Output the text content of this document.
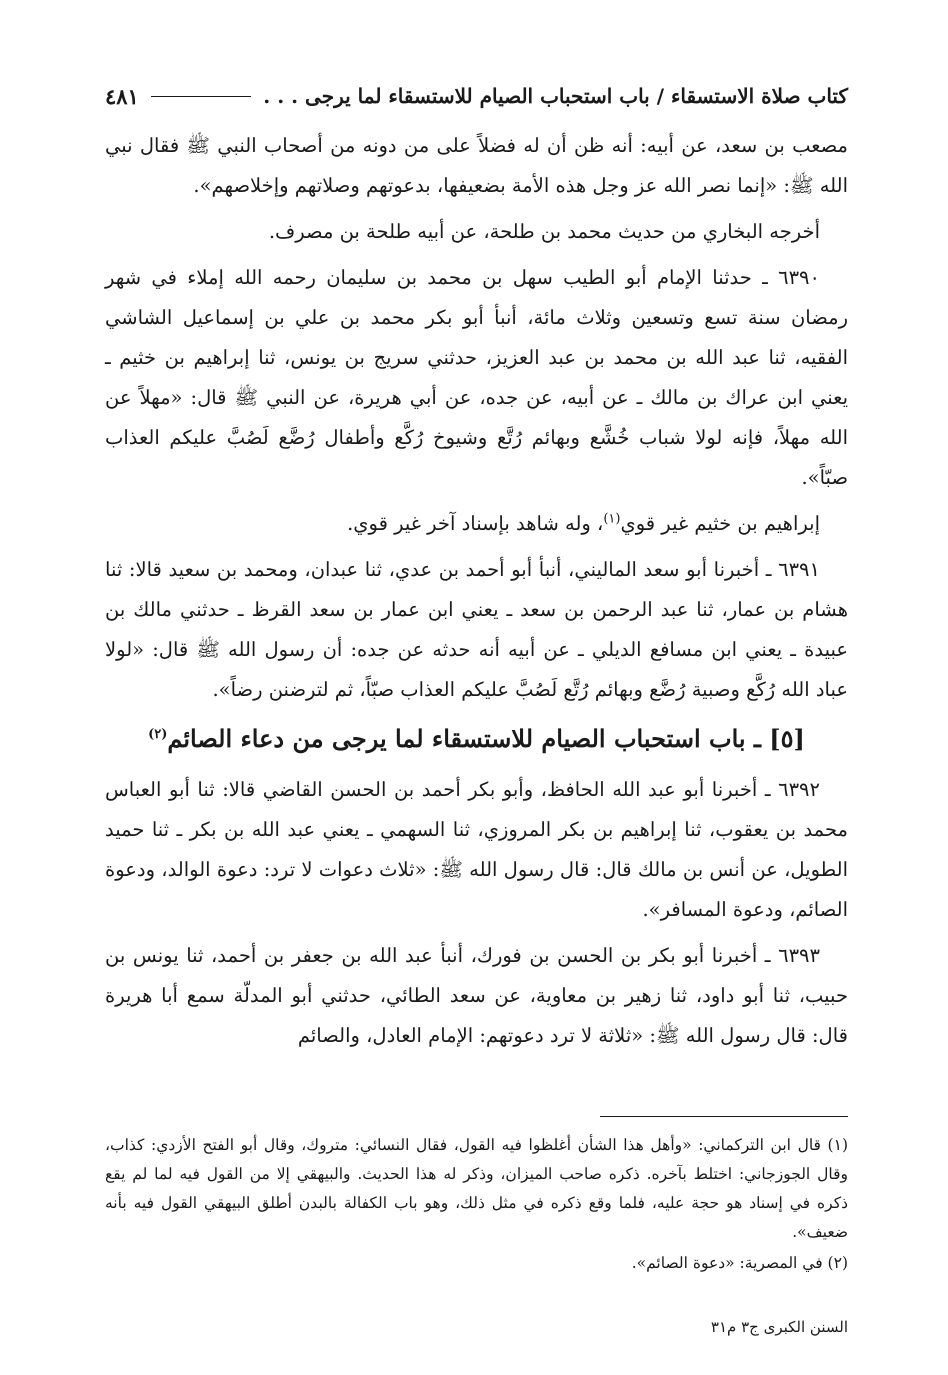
كتاب صلاة الاستسقاء / باب استحباب الصيام للاستسقاء لما يرجى . . .
٤٨١

مصعب بن سعد، عن أبيه: أنه ظن أن له فضلاً على من دونه من أصحاب النبي ﷺ فقال نبي الله ﷺ: «إنما نصر الله عز وجل هذه الأمة بضعيفها، بدعوتهم وصلاتهم وإخلاصهم».

أخرجه البخاري من حديث محمد بن طلحة، عن أبيه طلحة بن مصرف.

٦٣٩٠ ـ حدثنا الإمام أبو الطيب سهل بن محمد بن سليمان رحمه الله إملاء في شهر رمضان سنة تسع وتسعين وثلاث مائة، أنبأ أبو بكر محمد بن علي بن إسماعيل الشاشي الفقيه، ثنا عبد الله بن محمد بن عبد العزيز، حدثني سريج بن يونس، ثنا إبراهيم بن خثيم ـ يعني ابن عراك بن مالك ـ عن أبيه، عن جده، عن أبي هريرة، عن النبي ﷺ قال: «مهلاً عن الله مهلاً، فإنه لولا شباب خُشَّع وبهائم رُتَّع وشيوخ رُكَّع وأطفال رُضَّع لَصُبَّ عليكم العذاب صبّاً».

إبراهيم بن خثيم غير قوي$^{(١)}$، وله شاهد بإسناد آخر غير قوي.

٦٣٩١ ـ أخبرنا أبو سعد الماليني، أنبأ أبو أحمد بن عدي، ثنا عبدان، ومحمد بن سعيد قالا: ثنا هشام بن عمار، ثنا عبد الرحمن بن سعد ـ يعني ابن عمار بن سعد القرظ ـ حدثني مالك بن عبيدة ـ يعني ابن مسافع الديلي ـ عن أبيه أنه حدثه عن جده: أن رسول الله ﷺ قال: «لولا عباد الله رُكَّع وصبية رُضَّع وبهائم رُتَّع لَصُبَّ عليكم العذاب صبّاً، ثم لترضنن رضاً».

[٥] ـ باب استحباب الصيام للاستسقاء لما يرجى من دعاء الصائم$^{(٢)}$

٦٣٩٢ ـ أخبرنا أبو عبد الله الحافظ، وأبو بكر أحمد بن الحسن القاضي قالا: ثنا أبو العباس محمد بن يعقوب، ثنا إبراهيم بن بكر المروزي، ثنا السهمي ـ يعني عبد الله بن بكر ـ ثنا حميد الطويل، عن أنس بن مالك قال: قال رسول الله ﷺ: «ثلاث دعوات لا ترد: دعوة الوالد، ودعوة الصائم، ودعوة المسافر».

٦٣٩٣ ـ أخبرنا أبو بكر بن الحسن بن فورك، أنبأ عبد الله بن جعفر بن أحمد، ثنا يونس بن حبيب، ثنا أبو داود، ثنا زهير بن معاوية، عن سعد الطائي، حدثني أبو المدلّة سمع أبا هريرة قال: قال رسول الله ﷺ: «ثلاثة لا ترد دعوتهم: الإمام العادل، والصائم

(١) قال ابن التركماني: «وأهل هذا الشأن أغلظوا فيه القول، فقال النسائي: متروك، وقال أبو الفتح الأزدي: كذاب، وقال الجوزجاني: اختلط بآخره. ذكره صاحب الميزان، وذكر له هذا الحديث. والبيهقي إلا من القول فيه لما لم يقع ذكره في إسناد هو حجة عليه، فلما وقع ذكره في مثل ذلك، وهو باب الكفالة بالبدن أطلق البيهقي القول فيه بأنه ضعيف».

(٢) في المصرية: «دعوة الصائم».

السنن الكبرى ج٣ م٣١
